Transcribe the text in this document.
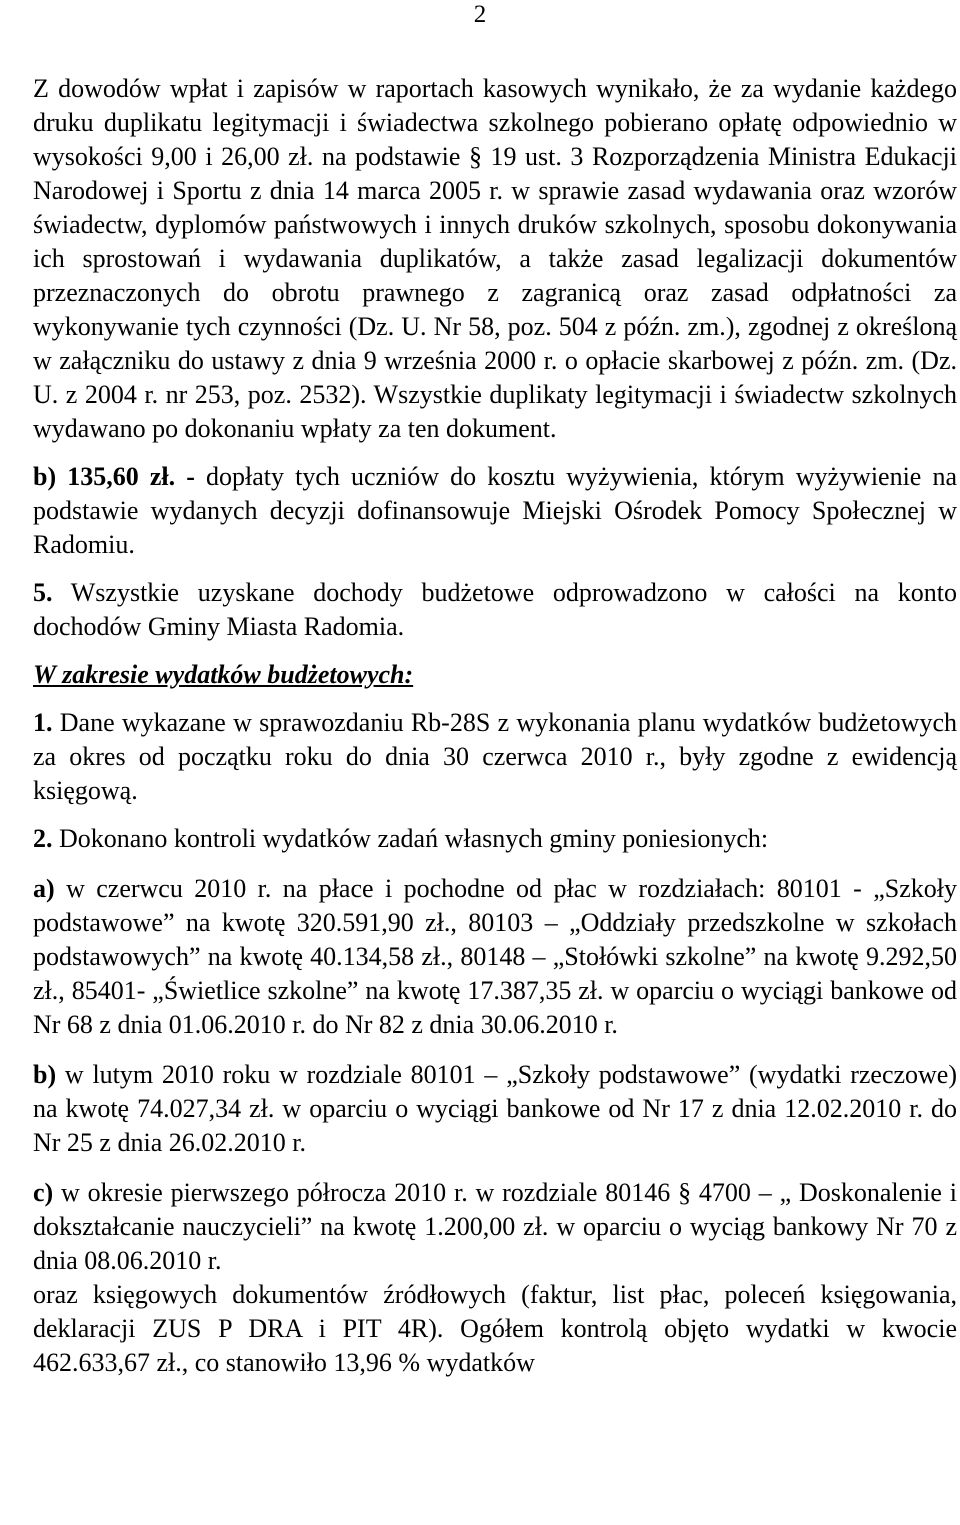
2

Z dowodów wpłat i zapisów w raportach kasowych wynikało, że za wydanie każdego druku duplikatu legitymacji i świadectwa szkolnego pobierano opłatę odpowiednio w wysokości 9,00 i 26,00 zł. na podstawie § 19 ust. 3 Rozporządzenia Ministra Edukacji Narodowej i Sportu z dnia 14 marca 2005 r. w sprawie zasad wydawania oraz wzorów świadectw, dyplomów państwowych i innych druków szkolnych, sposobu dokonywania ich sprostowań i wydawania duplikatów, a także zasad legalizacji dokumentów przeznaczonych do obrotu prawnego z zagranicą oraz zasad odpłatności za wykonywanie tych czynności (Dz. U. Nr 58, poz. 504 z późn. zm.), zgodnej z określoną w załączniku do ustawy z dnia 9 września 2000 r. o opłacie skarbowej z późn. zm. (Dz. U. z 2004 r. nr 253, poz. 2532). Wszystkie duplikaty legitymacji i świadectw szkolnych wydawano po dokonaniu wpłaty za ten dokument.

b) 135,60 zł. - dopłaty tych uczniów do kosztu wyżywienia, którym wyżywienie na podstawie wydanych decyzji dofinansowuje Miejski Ośrodek Pomocy Społecznej w Radomiu.

5. Wszystkie uzyskane dochody budżetowe odprowadzono w całości na konto dochodów Gminy Miasta Radomia.

W zakresie wydatków budżetowych:

1. Dane wykazane w sprawozdaniu Rb-28S z wykonania planu wydatków budżetowych za okres od początku roku do dnia 30 czerwca 2010 r., były zgodne z ewidencją księgową.

2. Dokonano kontroli wydatków zadań własnych gminy poniesionych:

a) w czerwcu 2010 r. na płace i pochodne od płac w rozdziałach: 80101 - „Szkoły podstawowe” na kwotę 320.591,90 zł., 80103 – „Oddziały przedszkolne w szkołach podstawowych” na kwotę 40.134,58 zł., 80148 – „Stołówki szkolne” na kwotę 9.292,50 zł., 85401- „Świetlice szkolne” na kwotę 17.387,35 zł. w oparciu o wyciągi bankowe od Nr 68 z dnia 01.06.2010 r. do Nr 82 z dnia 30.06.2010 r.

b) w lutym 2010 roku w rozdziale 80101 – „Szkoły podstawowe” (wydatki rzeczowe) na kwotę 74.027,34 zł. w oparciu o wyciągi bankowe od Nr 17 z dnia 12.02.2010 r. do Nr 25 z dnia 26.02.2010 r.

c) w okresie pierwszego półrocza 2010 r. w rozdziale 80146 § 4700 – „ Doskonalenie i dokształcanie nauczycieli” na kwotę 1.200,00 zł. w oparciu o wyciąg bankowy Nr 70 z dnia 08.06.2010 r.

oraz księgowych dokumentów źródłowych (faktur, list płac, poleceń księgowania, deklaracji ZUS P DRA i PIT 4R). Ogółem kontrolą objęto wydatki w kwocie 462.633,67 zł., co stanowiło 13,96 % wydatków
